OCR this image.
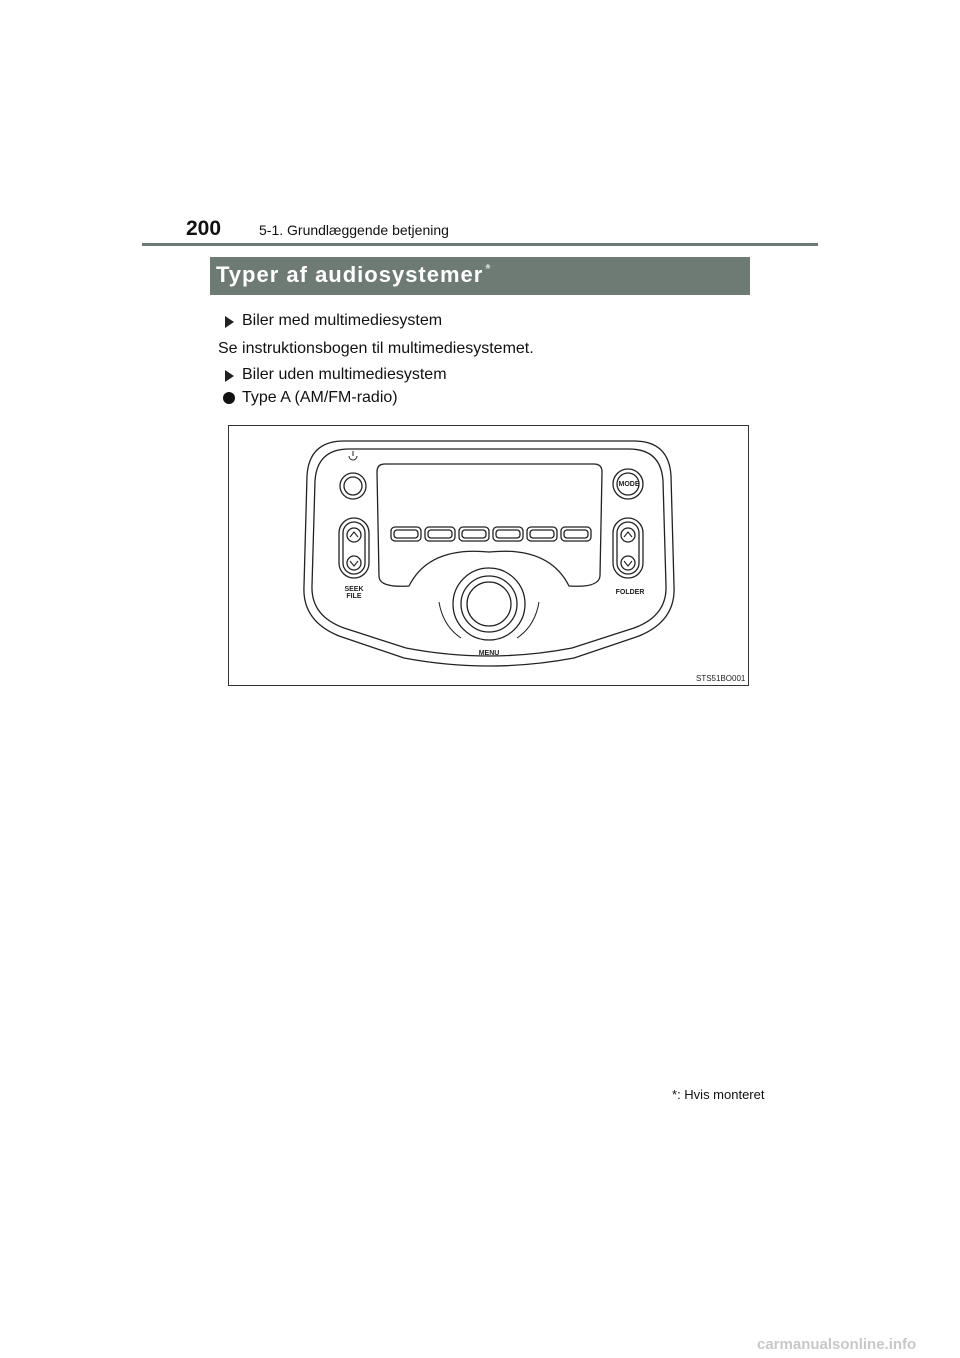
200	5-1. Grundlæggende betjening
Typer af audiosystemer *
Biler med multimediesystem
Se instruktionsbogen til multimediesystemet.
Biler uden multimediesystem
Type A (AM/FM-radio)
MODE
SEEK
FILE
FOLDER
MENU
STS51BO001
*: Hvis monteret
carmanualsonline.info
